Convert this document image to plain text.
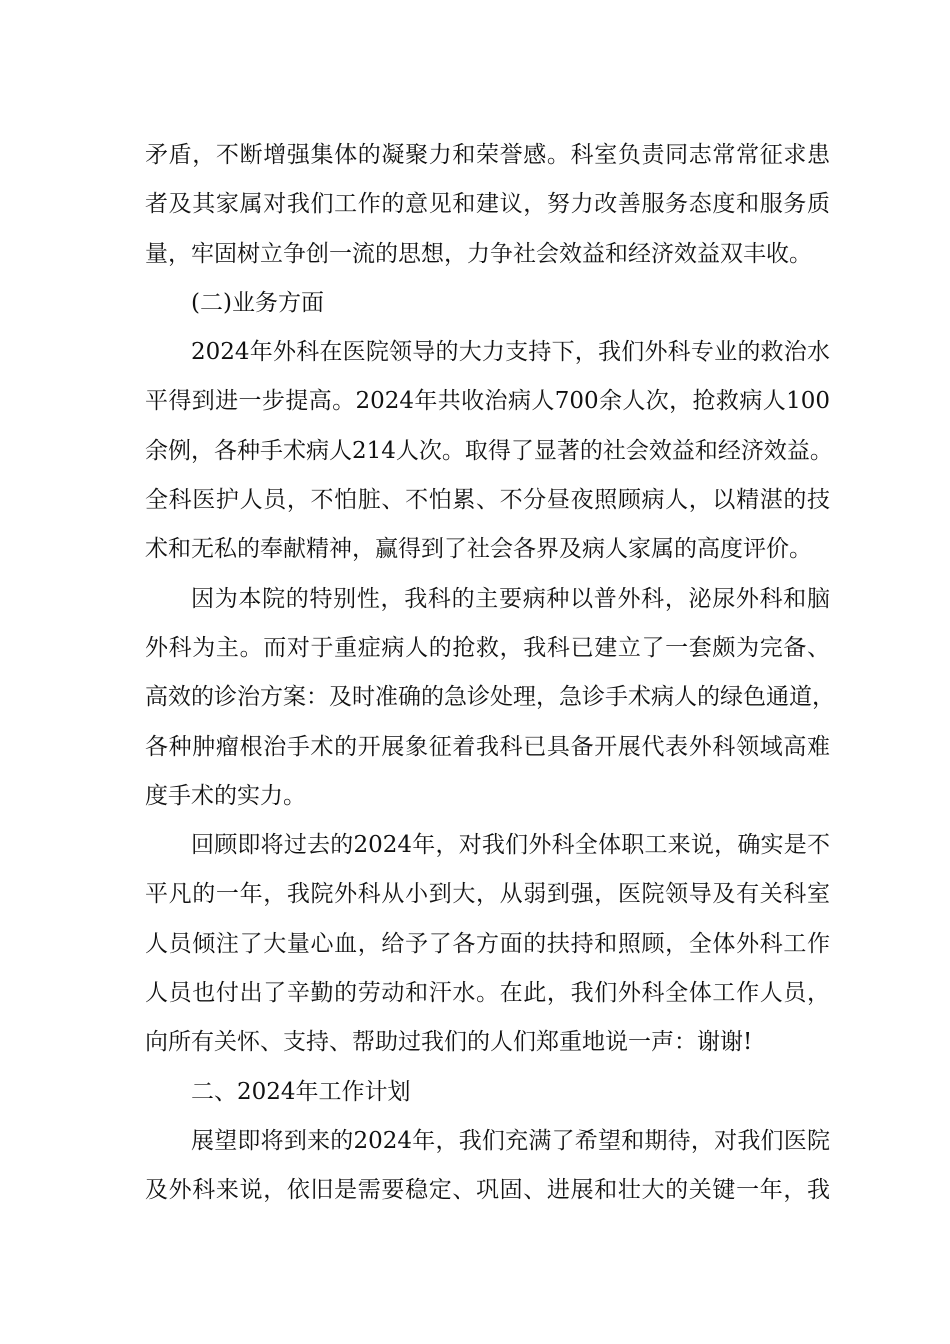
矛盾，不断增强集体的凝聚力和荣誉感。科室负责同志常常征求患
者及其家属对我们工作的意见和建议，努力改善服务态度和服务质
量，牢固树立争创一流的思想，力争社会效益和经济效益双丰收。
(二)业务方面
2024年外科在医院领导的大力支持下，我们外科专业的救治水
平得到进一步提高。2024年共收治病人700余人次，抢救病人100
余例，各种手术病人214人次。取得了显著的社会效益和经济效益。
全科医护人员，不怕脏、不怕累、不分昼夜照顾病人，以精湛的技
术和无私的奉献精神，赢得到了社会各界及病人家属的高度评价。
因为本院的特别性，我科的主要病种以普外科，泌尿外科和脑
外科为主。而对于重症病人的抢救，我科已建立了一套颇为完备、
高效的诊治方案：及时准确的急诊处理，急诊手术病人的绿色通道，
各种肿瘤根治手术的开展象征着我科已具备开展代表外科领域高难
度手术的实力。
回顾即将过去的2024年，对我们外科全体职工来说，确实是不
平凡的一年，我院外科从小到大，从弱到强，医院领导及有关科室
人员倾注了大量心血，给予了各方面的扶持和照顾，全体外科工作
人员也付出了辛勤的劳动和汗水。在此，我们外科全体工作人员，
向所有关怀、支持、帮助过我们的人们郑重地说一声：谢谢!
二、2024年工作计划
展望即将到来的2024年，我们充满了希望和期待，对我们医院
及外科来说，依旧是需要稳定、巩固、进展和壮大的关键一年，我
